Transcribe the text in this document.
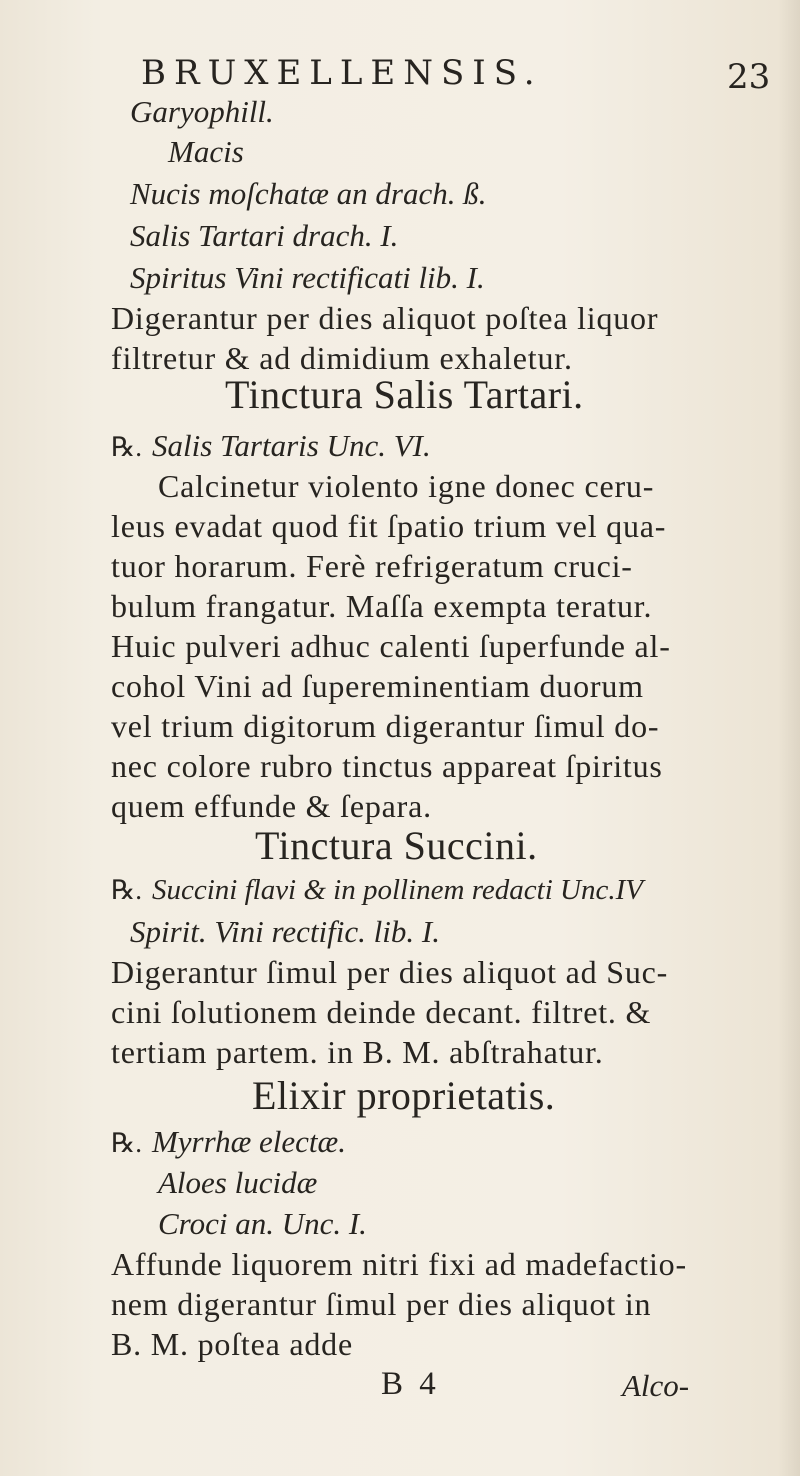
BRUXELLENSIS.	23
Garyophill.
Macis
Nucis moſchatæ an drach. ß.
Salis Tartari drach. I.
Spiritus Vini rectificati lib. I.
Digerantur per dies aliquot poſtea liquor
filtretur & ad dimidium exhaletur.
Tinctura Salis Tartari.
℞. Salis Tartaris Unc. VI.
Calcinetur violento igne donec ceru-
leus evadat quod fit ſpatio trium vel qua-
tuor horarum. Ferè refrigeratum cruci-
bulum frangatur. Maſſa exempta teratur.
Huic pulveri adhuc calenti ſuperfunde al-
cohol Vini ad ſupereminentiam duorum
vel trium digitorum digerantur ſimul do-
nec colore rubro tinctus appareat ſpiritus
quem effunde & ſepara.
Tinctura Succini.
℞. Succini flavi & in pollinem redacti Unc.IV
Spirit. Vini rectific. lib. I.
Digerantur ſimul per dies aliquot ad Suc-
cini ſolutionem deinde decant. filtret. &
tertiam partem. in B. M. abſtrahatur.
Elixir proprietatis.
℞. Myrrhæ electæ.
Aloes lucidæ
Croci an. Unc. I.
Affunde liquorem nitri fixi ad madefactio-
nem digerantur ſimul per dies aliquot in
B. M. poſtea adde
B 4	Alco-
